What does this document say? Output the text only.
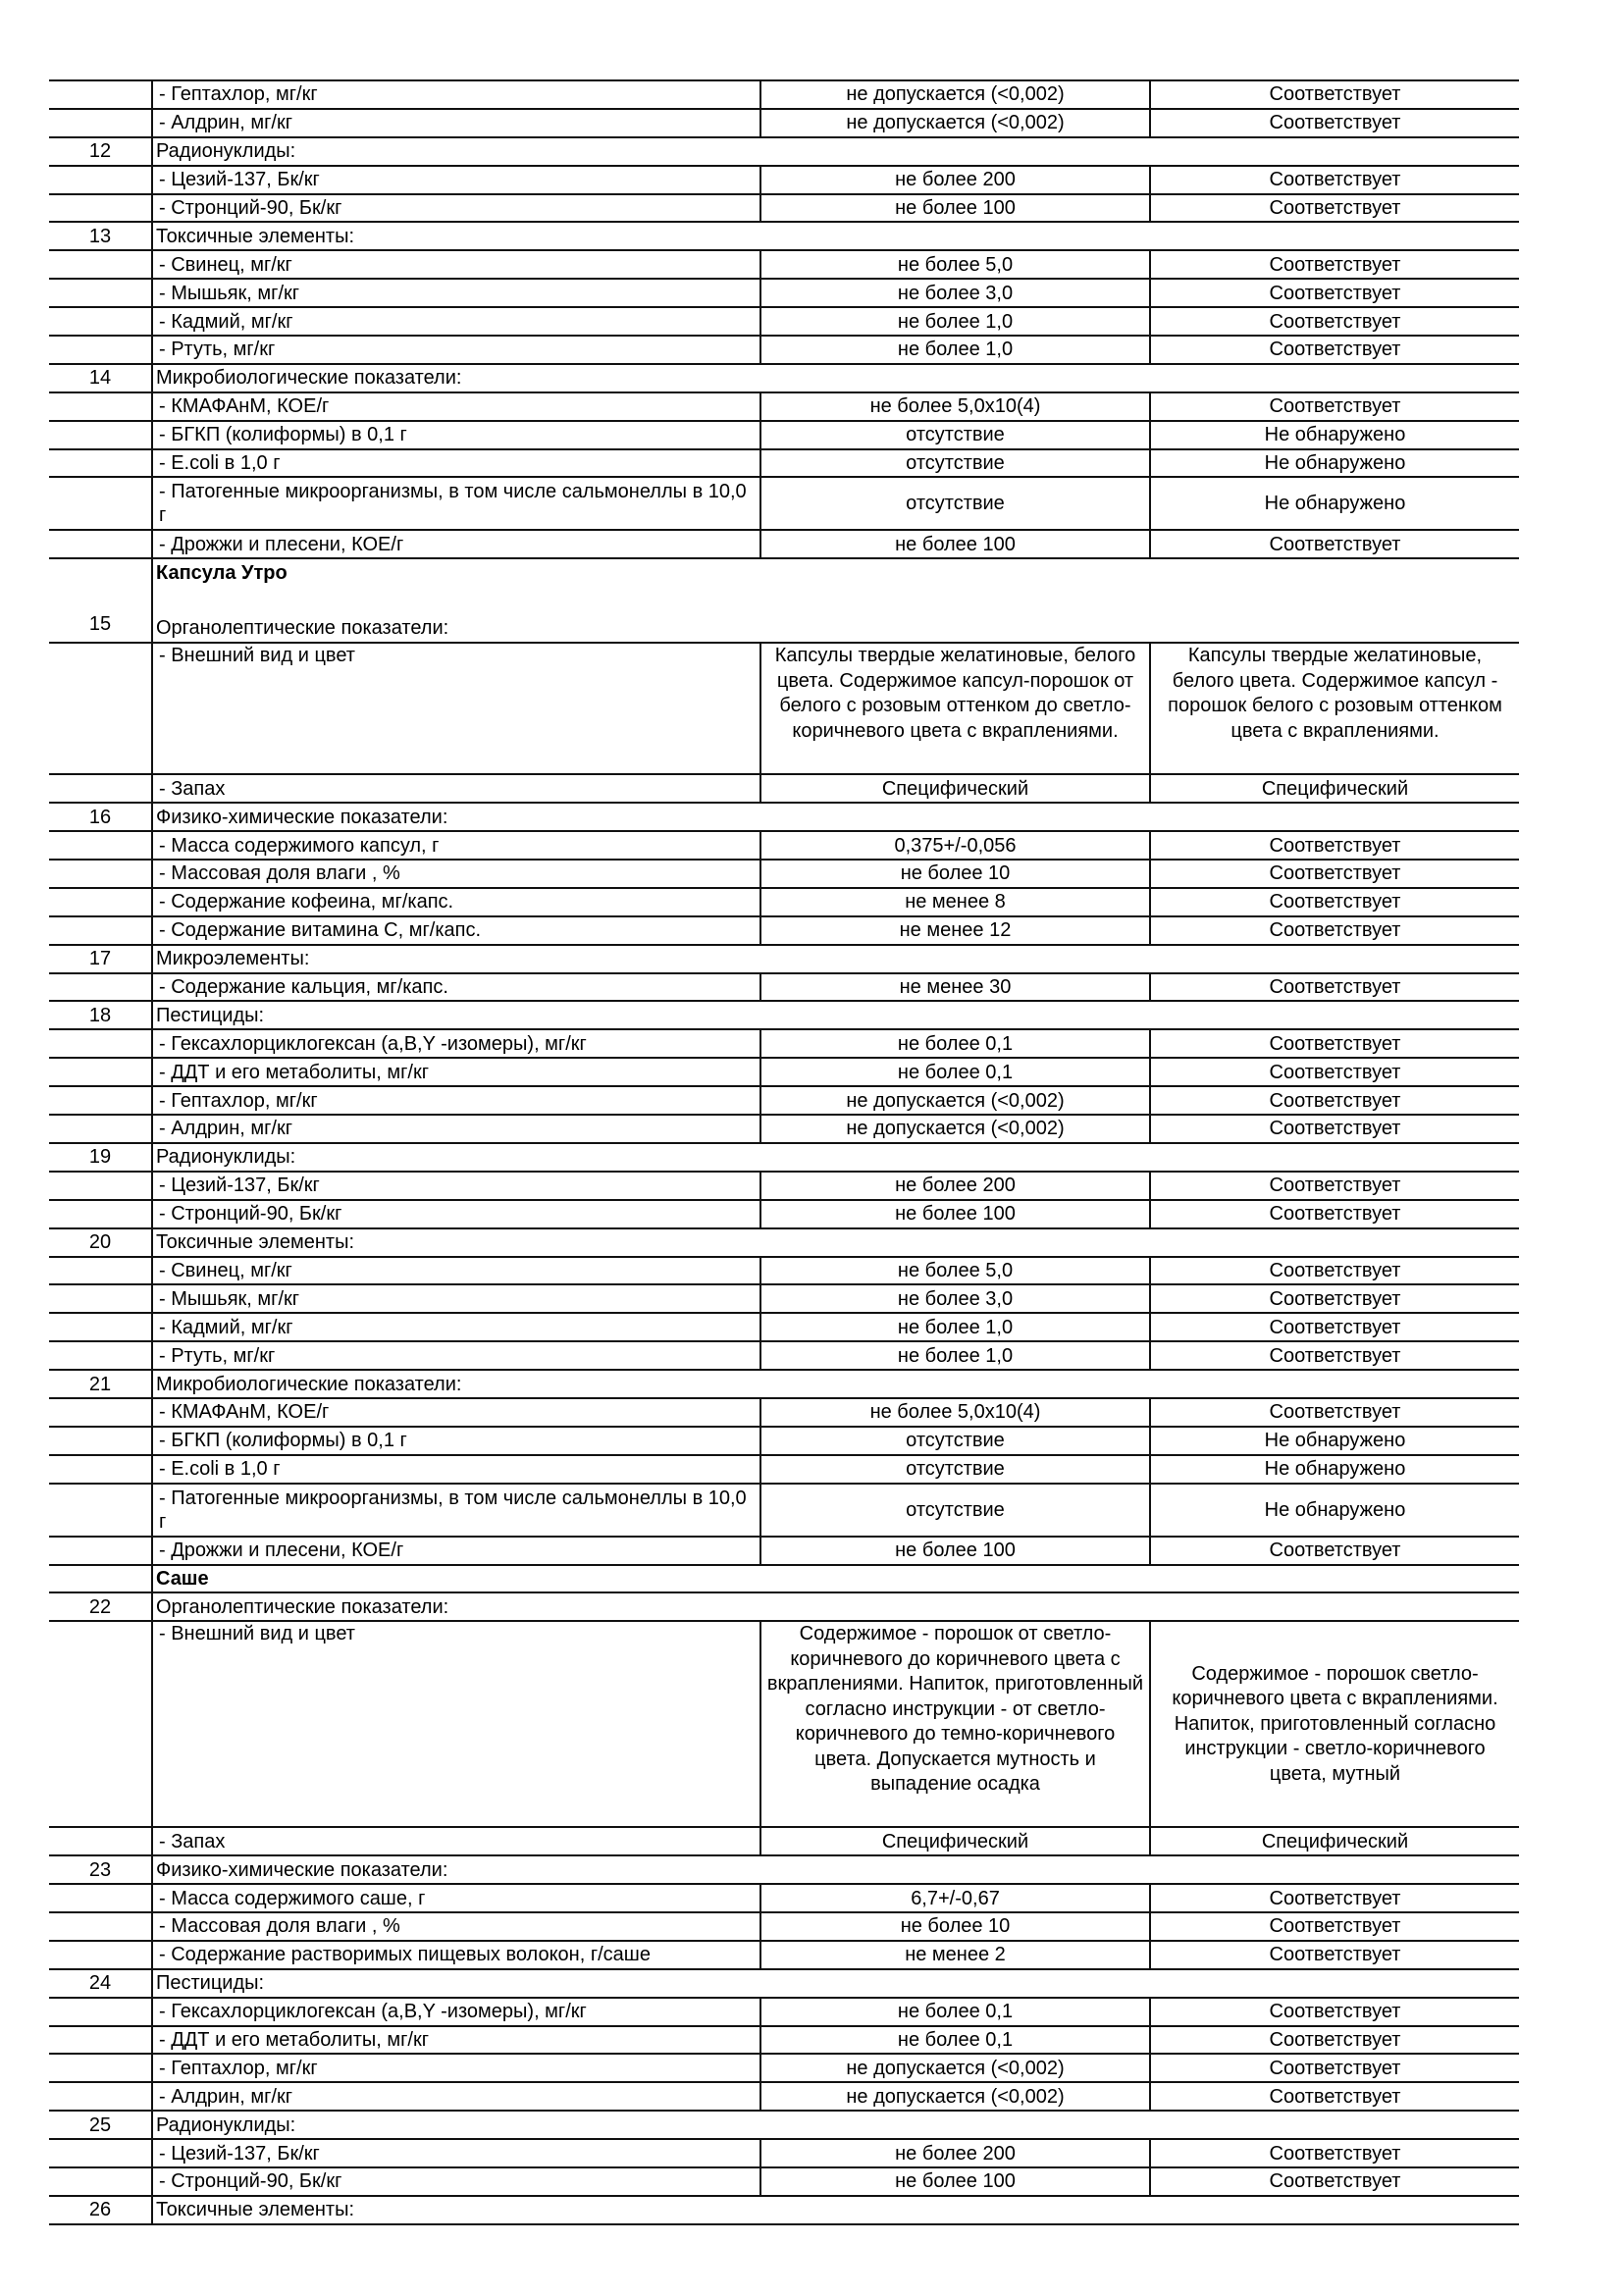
	- Гептахлор, мг/кг	не допускается (<0,002)	Соответствует
	- Алдрин, мг/кг	не допускается (<0,002)	Соответствует
12	Радионуклиды:		
	- Цезий-137, Бк/кг	не более 200	Соответствует
	- Стронций-90, Бк/кг	не более 100	Соответствует
13	Токсичные элементы:		
	- Свинец, мг/кг	не более 5,0	Соответствует
	- Мышьяк, мг/кг	не более 3,0	Соответствует
	- Кадмий, мг/кг	не более 1,0	Соответствует
	- Ртуть, мг/кг	не более 1,0	Соответствует
14	Микробиологические показатели:		
	- КМАФАнМ, КОЕ/г	не более 5,0х10(4)	Соответствует
	- БГКП (колиформы) в 0,1 г	отсутствие	Не обнаружено
	- E.coli в 1,0 г	отсутствие	Не обнаружено
	- Патогенные микроорганизмы, в том числе сальмонеллы в 10,0 г	отсутствие	Не обнаружено
	- Дрожжи и плесени, КОЕ/г	не более 100	Соответствует
15	Капсула Утро
Органолептические показатели:		

	- Внешний вид и цвет	Капсулы твердые желатиновые, белого цвета. Содержимое капсул-порошок от белого с розовым оттенком до светло-коричневого цвета с вкраплениями.	Капсулы твердые желатиновые, белого цвета. Содержимое капсул - порошок белого с розовым оттенком цвета с вкраплениями.
	- Запах	Специфический	Специфический
16	Физико-химические показатели:		
	- Масса содержимого капсул, г	0,375+/-0,056	Соответствует
	- Массовая доля влаги , %	не более 10	Соответствует
	- Содержание кофеина, мг/капс.	не менее 8	Соответствует
	- Содержание витамина С, мг/капс.	не менее 12	Соответствует
17	Микроэлементы:		
	- Содержание кальция, мг/капс.	не менее 30	Соответствует
18	Пестициды:		
	- Гексахлорциклогексан (a,B,Y -изомеры), мг/кг	не более 0,1	Соответствует
	- ДДТ и его метаболиты, мг/кг	не более 0,1	Соответствует
	- Гептахлор, мг/кг	не допускается (<0,002)	Соответствует
	- Алдрин, мг/кг	не допускается (<0,002)	Соответствует
19	Радионуклиды:		
	- Цезий-137, Бк/кг	не более 200	Соответствует
	- Стронций-90, Бк/кг	не более 100	Соответствует
20	Токсичные элементы:		
	- Свинец, мг/кг	не более 5,0	Соответствует
	- Мышьяк, мг/кг	не более 3,0	Соответствует
	- Кадмий, мг/кг	не более 1,0	Соответствует
	- Ртуть, мг/кг	не более 1,0	Соответствует
21	Микробиологические показатели:		
	- КМАФАнМ, КОЕ/г	не более 5,0х10(4)	Соответствует
	- БГКП (колиформы) в 0,1 г	отсутствие	Не обнаружено
	- E.coli в 1,0 г	отсутствие	Не обнаружено
	- Патогенные микроорганизмы, в том числе сальмонеллы в 10,0 г	отсутствие	Не обнаружено
	- Дрожжи и плесени, КОЕ/г	не более 100	Соответствует
	Саше		
22	Органолептические показатели:		
	- Внешний вид и цвет	Содержимое - порошок от светло-коричневого до коричневого цвета с вкраплениями. Напиток, приготовленный согласно инструкции - от светло-коричневого до темно-коричневого цвета. Допускается мутность и выпадение осадка	Содержимое - порошок светло-коричневого цвета с вкраплениями. Напиток, приготовленный согласно инструкции - светло-коричневого цвета, мутный
	- Запах	Специфический	Специфический
23	Физико-химические показатели:		
	- Масса содержимого саше, г	6,7+/-0,67	Соответствует
	- Массовая доля влаги , %	не более 10	Соответствует
	- Содержание растворимых пищевых волокон, г/саше	не менее 2	Соответствует
24	Пестициды:		
	- Гексахлорциклогексан (a,B,Y -изомеры), мг/кг	не более 0,1	Соответствует
	- ДДТ и его метаболиты, мг/кг	не более 0,1	Соответствует
	- Гептахлор, мг/кг	не допускается (<0,002)	Соответствует
	- Алдрин, мг/кг	не допускается (<0,002)	Соответствует
25	Радионуклиды:		
	- Цезий-137, Бк/кг	не более 200	Соответствует
	- Стронций-90, Бк/кг	не более 100	Соответствует
26	Токсичные элементы:		
